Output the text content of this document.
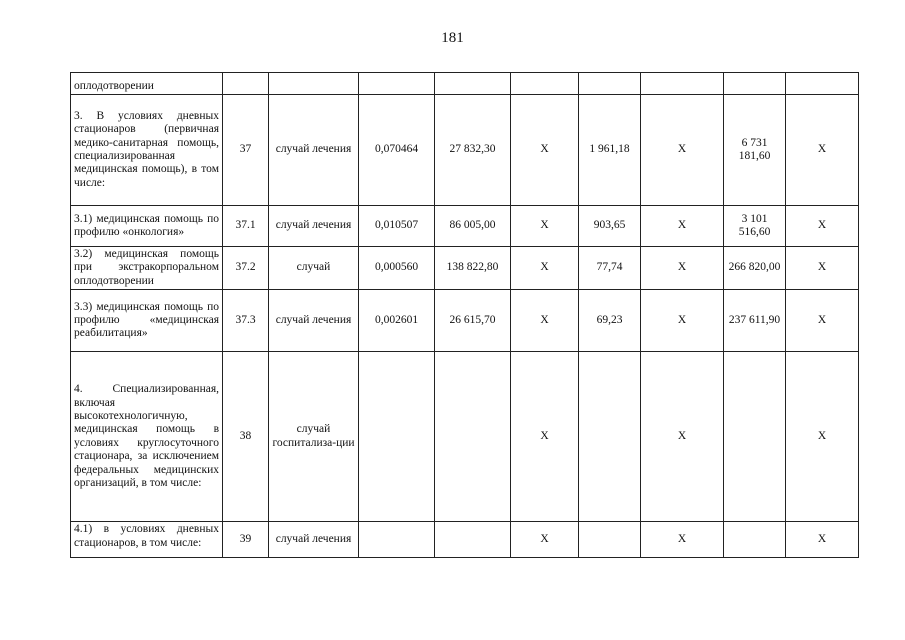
181
оплодотворении									
3. В условиях дневных стационаров (первичная медико-санитарная помощь, специализированная медицинская помощь), в том числе:	37	случай лечения	0,070464	27 832,30	X	1 961,18	X	6 731 181,60	X
3.1) медицинская помощь по профилю «онкология»	37.1	случай лечения	0,010507	86 005,00	X	903,65	X	3 101 516,60	X
3.2) медицинская помощь при экстракорпоральном оплодотворении	37.2	случай	0,000560	138 822,80	X	77,74	X	266 820,00	X
3.3) медицинская помощь по профилю «медицинская реабилитация»	37.3	случай лечения	0,002601	26 615,70	X	69,23	X	237 611,90	X
4. Специализированная, включая высокотехнологичную, медицинская помощь в условиях круглосуточного стационара, за исключением федеральных медицинских организаций, в том числе:	38	случай госпитализа-ции			X		X		X
4.1) в условиях дневных стационаров, в том числе:	39	случай лечения			X		X		X
